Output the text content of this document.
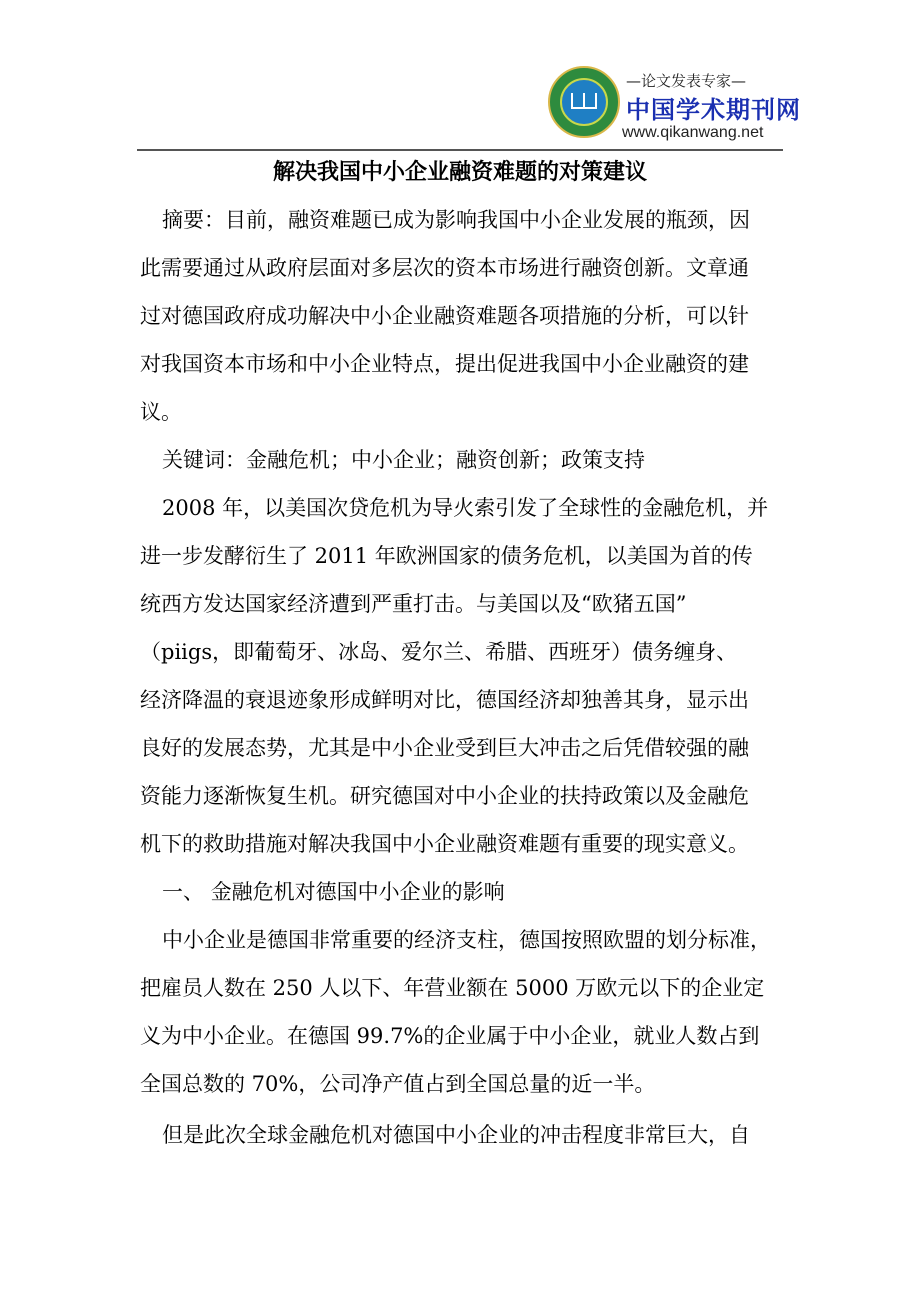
—论文发表专家—
中国学术期刊网
www.qikanwang.net
解决我国中小企业融资难题的对策建议
摘要：目前，融资难题已成为影响我国中小企业发展的瓶颈，因
此需要通过从政府层面对多层次的资本市场进行融资创新。文章通
过对德国政府成功解决中小企业融资难题各项措施的分析，可以针
对我国资本市场和中小企业特点，提出促进我国中小企业融资的建
议。
关键词：金融危机；中小企业；融资创新；政策支持
2008 年，以美国次贷危机为导火索引发了全球性的金融危机，并
进一步发酵衍生了 2011 年欧洲国家的债务危机，以美国为首的传
统西方发达国家经济遭到严重打击。与美国以及“欧猪五国”
（piigs，即葡萄牙、冰岛、爱尔兰、希腊、西班牙）债务缠身、
经济降温的衰退迹象形成鲜明对比，德国经济却独善其身，显示出
良好的发展态势，尤其是中小企业受到巨大冲击之后凭借较强的融
资能力逐渐恢复生机。研究德国对中小企业的扶持政策以及金融危
机下的救助措施对解决我国中小企业融资难题有重要的现实意义。
一、 金融危机对德国中小企业的影响
中小企业是德国非常重要的经济支柱，德国按照欧盟的划分标准，
把雇员人数在 250 人以下、年营业额在 5000 万欧元以下的企业定
义为中小企业。在德国 99.7%的企业属于中小企业，就业人数占到
全国总数的 70%，公司净产值占到全国总量的近一半。
但是此次全球金融危机对德国中小企业的冲击程度非常巨大，自
